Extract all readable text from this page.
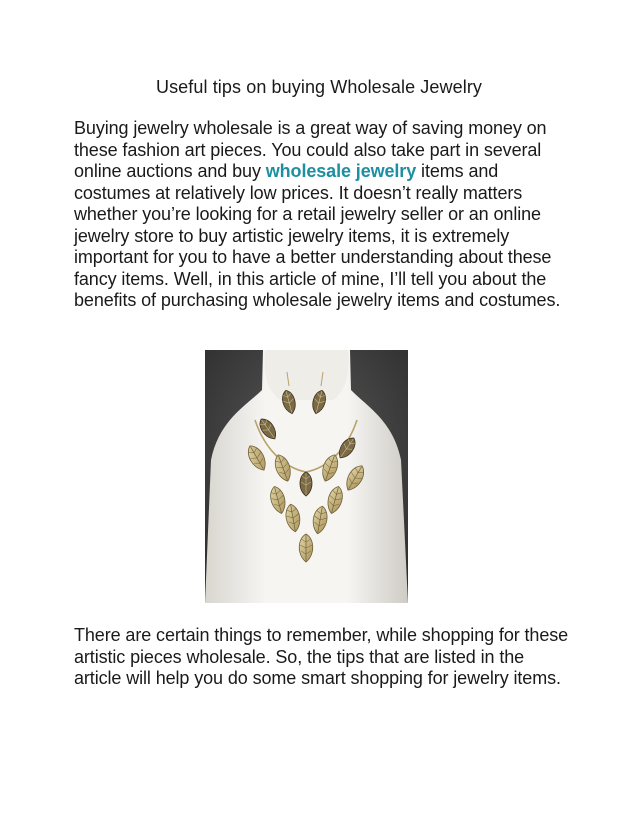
Useful tips on buying Wholesale Jewelry

Buying jewelry wholesale is a great way of saving money on these fashion art pieces. You could also take part in several online auctions and buy wholesale jewelry items and costumes at relatively low prices. It doesn’t really matters whether you’re looking for a retail jewelry seller or an online jewelry store to buy artistic jewelry items, it is extremely important for you to have a better understanding about these fancy items. Well, in this article of mine, I’ll tell you about the benefits of purchasing wholesale jewelry items and costumes.

There are certain things to remember, while shopping for these artistic pieces wholesale. So, the tips that are listed in the article will help you do some smart shopping for jewelry items.
